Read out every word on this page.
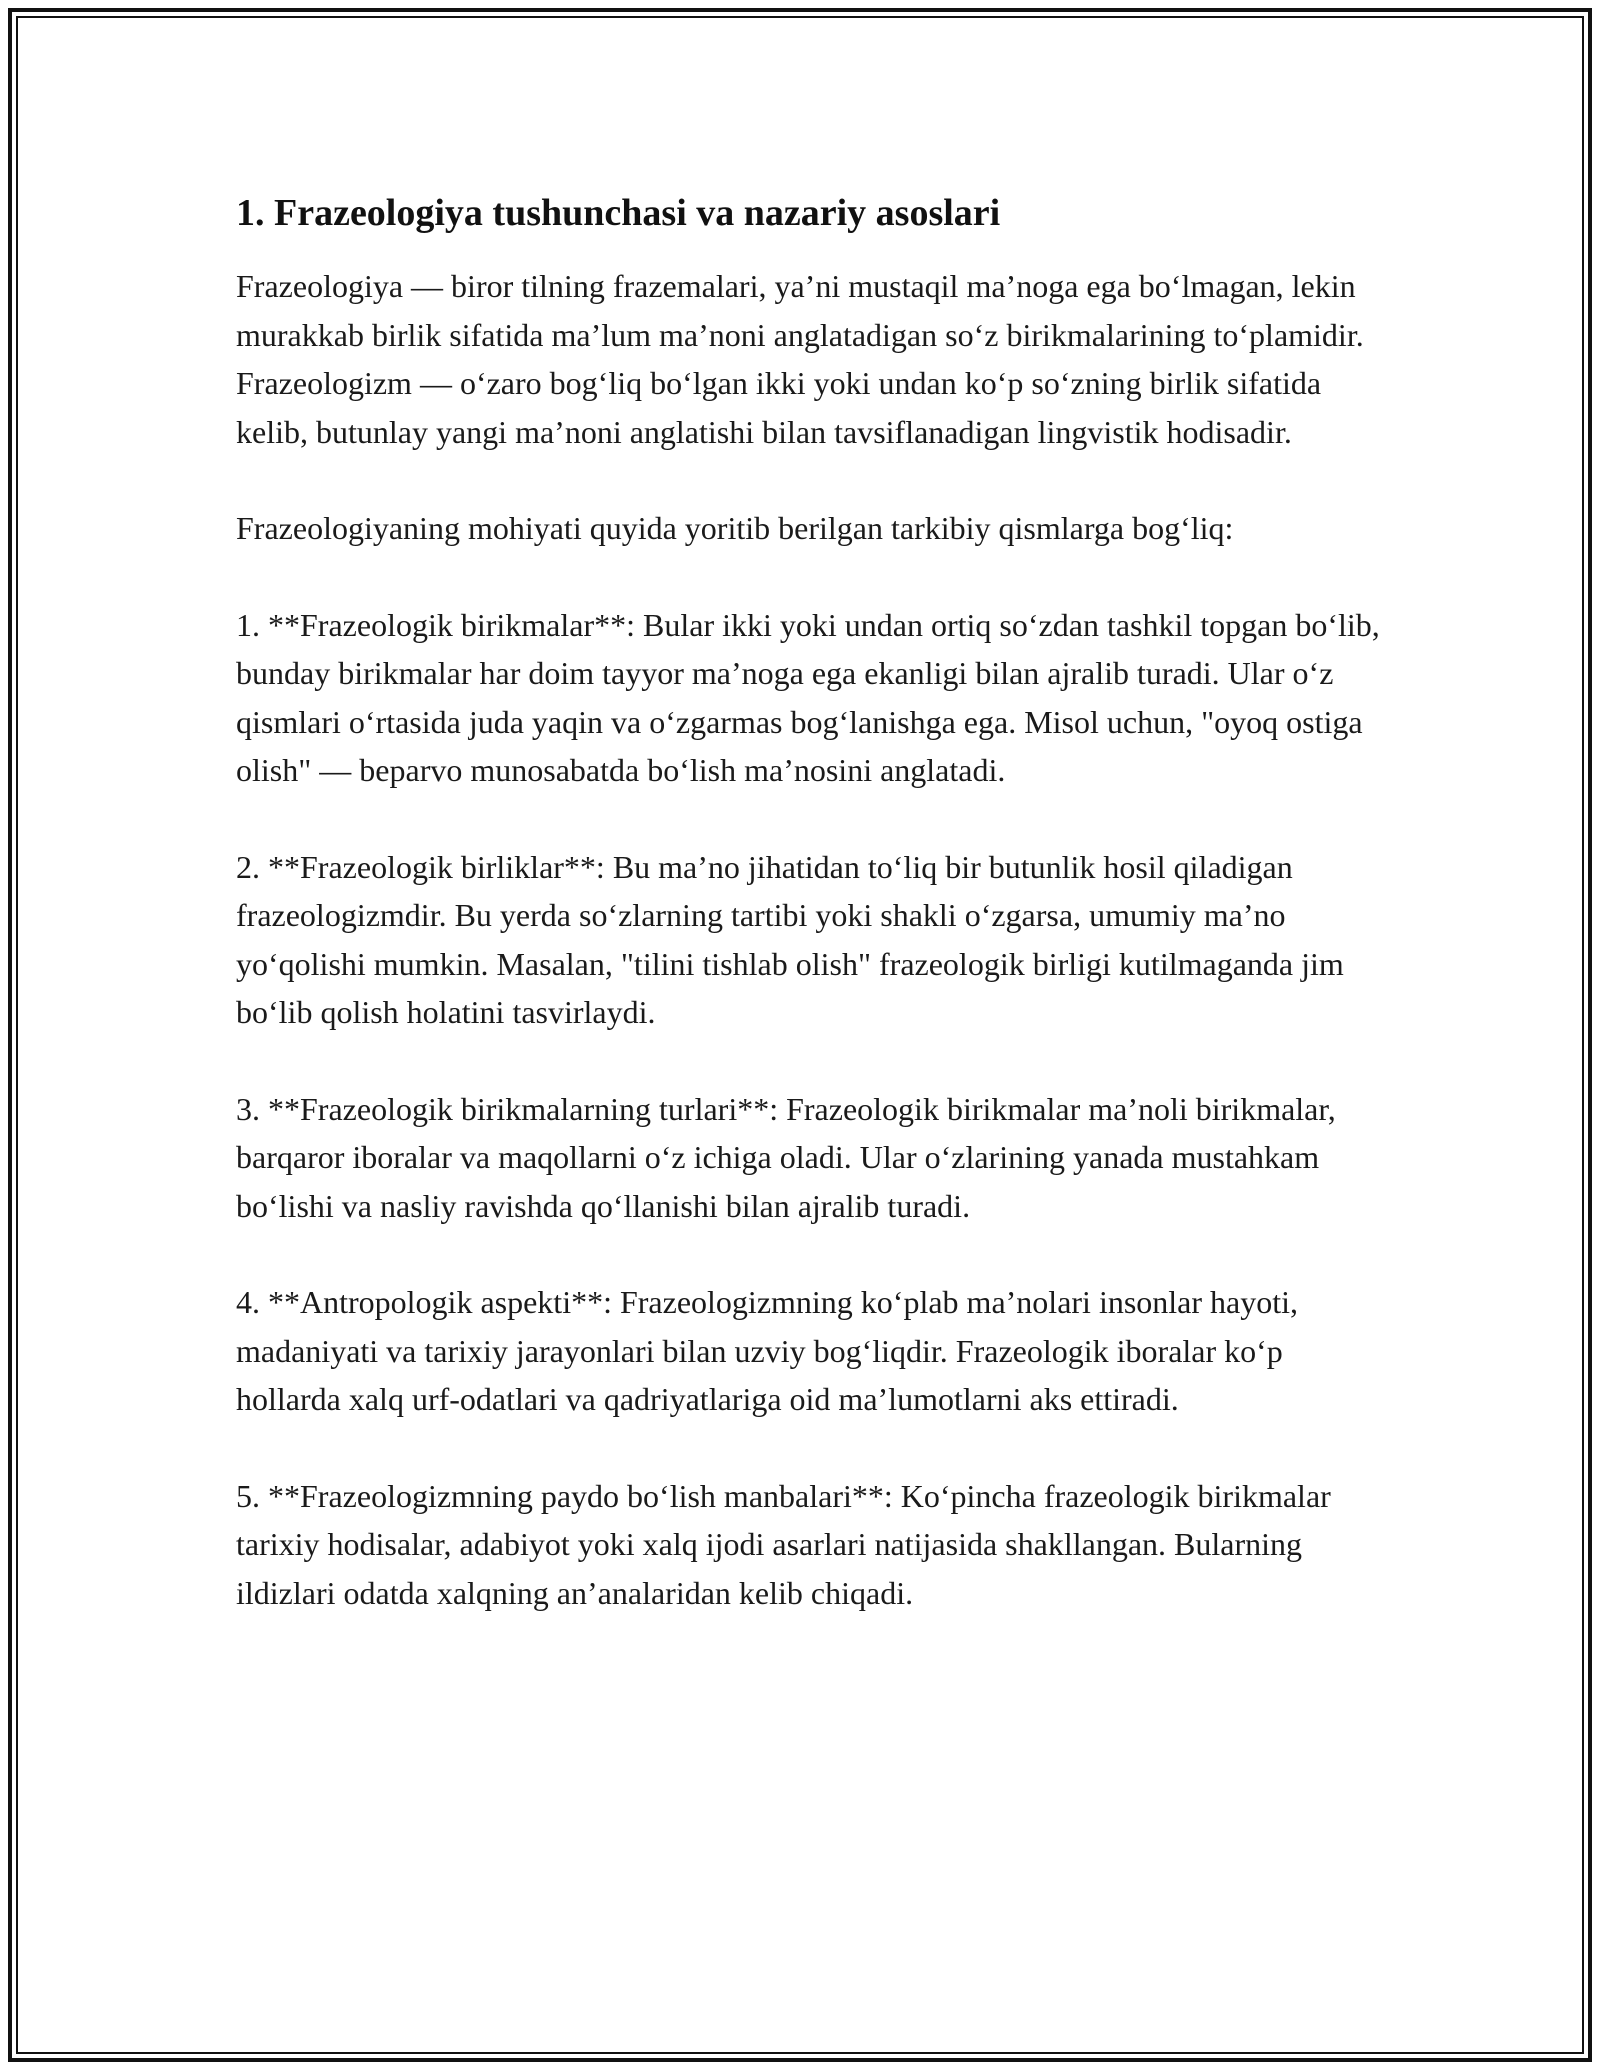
1. Frazeologiya tushunchasi va nazariy asoslari

Frazeologiya — biror tilning frazemalari, ya’ni mustaqil ma’noga ega bo‘lmagan, lekin murakkab birlik sifatida ma’lum ma’noni anglatadigan so‘z birikmalarining to‘plamidir. Frazeologizm — o‘zaro bog‘liq bo‘lgan ikki yoki undan ko‘p so‘zning birlik sifatida kelib, butunlay yangi ma’noni anglatishi bilan tavsiflanadigan lingvistik hodisadir.

Frazeologiyaning mohiyati quyida yoritib berilgan tarkibiy qismlarga bog‘liq:

1. **Frazeologik birikmalar**: Bular ikki yoki undan ortiq so‘zdan tashkil topgan bo‘lib, bunday birikmalar har doim tayyor ma’noga ega ekanligi bilan ajralib turadi. Ular o‘z qismlari o‘rtasida juda yaqin va o‘zgarmas bog‘lanishga ega. Misol uchun, "oyoq ostiga olish" — beparvo munosabatda bo‘lish ma’nosini anglatadi.

2. **Frazeologik birliklar**: Bu ma’no jihatidan to‘liq bir butunlik hosil qiladigan frazeologizmdir. Bu yerda so‘zlarning tartibi yoki shakli o‘zgarsa, umumiy ma’no yo‘qolishi mumkin. Masalan, "tilini tishlab olish" frazeologik birligi kutilmaganda jim bo‘lib qolish holatini tasvirlaydi.

3. **Frazeologik birikmalarning turlari**: Frazeologik birikmalar ma’noli birikmalar, barqaror iboralar va maqollarni o‘z ichiga oladi. Ular o‘zlarining yanada mustahkam bo‘lishi va nasliy ravishda qo‘llanishi bilan ajralib turadi.

4. **Antropologik aspekti**: Frazeologizmning ko‘plab ma’nolari insonlar hayoti, madaniyati va tarixiy jarayonlari bilan uzviy bog‘liqdir. Frazeologik iboralar ko‘p hollarda xalq urf-odatlari va qadriyatlariga oid ma’lumotlarni aks ettiradi.

5. **Frazeologizmning paydo bo‘lish manbalari**: Ko‘pincha frazeologik birikmalar tarixiy hodisalar, adabiyot yoki xalq ijodi asarlari natijasida shakllangan. Bularning ildizlari odatda xalqning an’analaridan kelib chiqadi.
